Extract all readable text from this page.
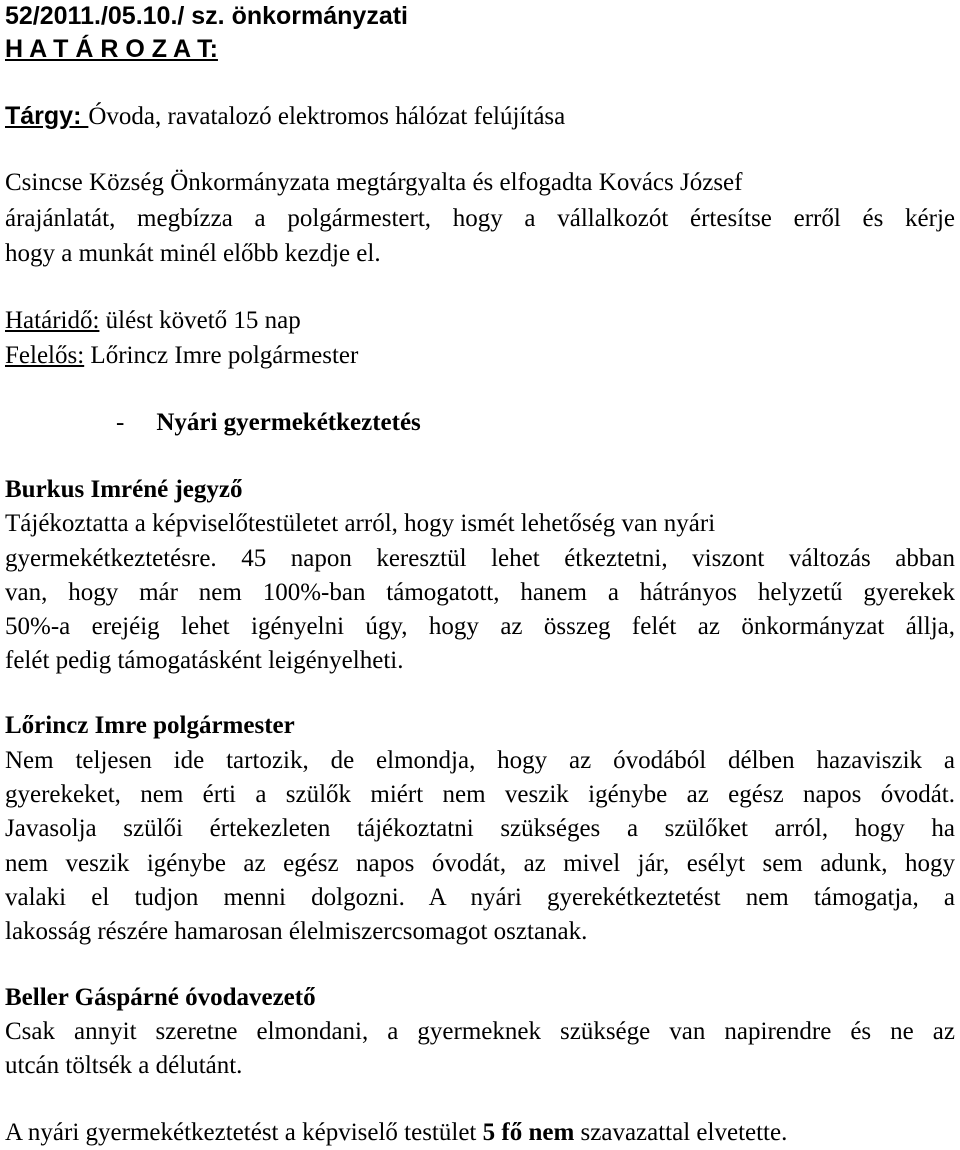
52/2011./05.10./ sz. önkormányzati
H A T Á R O Z A T:
Tárgy: Óvoda, ravatalozó elektromos hálózat felújítása
Csincse Község Önkormányzata megtárgyalta és elfogadta Kovács József
árajánlatát, megbízza a polgármestert, hogy a vállalkozót értesítse erről és kérje
hogy a munkát minél előbb kezdje el.
Határidő: ülést követő 15 nap
Felelős: Lőrincz Imre polgármester
- Nyári gyermekétkeztetés
Burkus Imréné jegyző
Tájékoztatta a képviselőtestületet arról, hogy ismét lehetőség van nyári
gyermekétkeztetésre. 45 napon keresztül lehet étkeztetni, viszont változás abban
van, hogy már nem 100%-ban támogatott, hanem a hátrányos helyzetű gyerekek
50%-a erejéig lehet igényelni úgy, hogy az összeg felét az önkormányzat állja,
felét pedig támogatásként leigényelheti.
Lőrincz Imre polgármester
Nem teljesen ide tartozik, de elmondja, hogy az óvodából délben hazaviszik a
gyerekeket, nem érti a szülők miért nem veszik igénybe az egész napos óvodát.
Javasolja szülői értekezleten tájékoztatni szükséges a szülőket arról, hogy ha
nem veszik igénybe az egész napos óvodát, az mivel jár, esélyt sem adunk, hogy
valaki el tudjon menni dolgozni. A nyári gyerekétkeztetést nem támogatja, a
lakosság részére hamarosan élelmiszercsomagot osztanak.
Beller Gáspárné óvodavezető
Csak annyit szeretne elmondani, a gyermeknek szüksége van napirendre és ne az
utcán töltsék a délutánt.
A nyári gyermekétkeztetést a képviselő testület 5 fő nem szavazattal elvetette.
